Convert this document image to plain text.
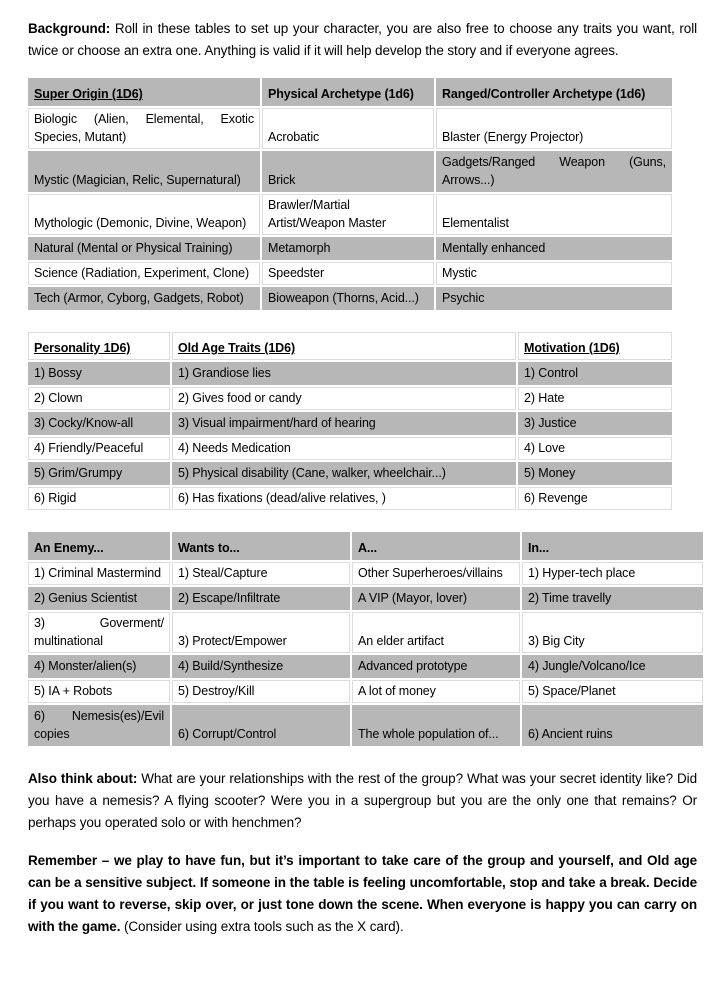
Background: Roll in these tables to set up your character, you are also free to choose any traits you want, roll twice or choose an extra one. Anything is valid if it will help develop the story and if everyone agrees.

Super Origin (1D6)	Physical Archetype (1d6)	Ranged/Controller Archetype (1d6)
Biologic (Alien, Elemental, Exotic Species, Mutant)	Acrobatic	Blaster (Energy Projector)
Mystic (Magician, Relic, Supernatural)	Brick	Gadgets/Ranged Weapon (Guns, Arrows...)
Mythologic (Demonic, Divine, Weapon)	Brawler/Martial Artist/Weapon Master	Elementalist
Natural (Mental or Physical Training)	Metamorph	Mentally enhanced
Science (Radiation, Experiment, Clone)	Speedster	Mystic
Tech (Armor, Cyborg, Gadgets, Robot)	Bioweapon (Thorns, Acid...)	Psychic
Personality 1D6)	Old Age Traits (1D6)	Motivation (1D6)
1) Bossy	1) Grandiose lies	1) Control
2) Clown	2) Gives food or candy	2) Hate
3) Cocky/Know-all	3) Visual impairment/hard of hearing	3) Justice
4) Friendly/Peaceful	4) Needs Medication	4) Love
5) Grim/Grumpy	5) Physical disability (Cane, walker, wheelchair...)	5) Money
6) Rigid	6) Has fixations (dead/alive relatives, )	6) Revenge
An Enemy...	Wants to...	A...	In...
1) Criminal Mastermind	1) Steal/Capture	Other Superheroes/villains	1) Hyper-tech place
2) Genius Scientist	2) Escape/Infiltrate	A VIP (Mayor, lover)	2) Time travelly
3) Goverment/​multinational	3) Protect/Empower	An elder artifact	3) Big City
4) Monster/alien(s)	4) Build/Synthesize	Advanced prototype	4) Jungle/Volcano/Ice
5) IA + Robots	5) Destroy/Kill	A lot of money	5) Space/Planet
6) Nemesis(es)/Evil copies	6) Corrupt/Control	The whole population of...	6) Ancient ruins

Also think about: What are your relationships with the rest of the group? What was your secret identity like? Did you have a nemesis? A flying scooter? Were you in a supergroup but you are the only one that remains? Or perhaps you operated solo or with henchmen?

Remember – we play to have fun, but it’s important to take care of the group and yourself, and Old age can be a sensitive subject. If someone in the table is feeling uncomfortable, stop and take a break. Decide if you want to reverse, skip over, or just tone down the scene. When everyone is happy you can carry on with the game. (Consider using extra tools such as the X card).
